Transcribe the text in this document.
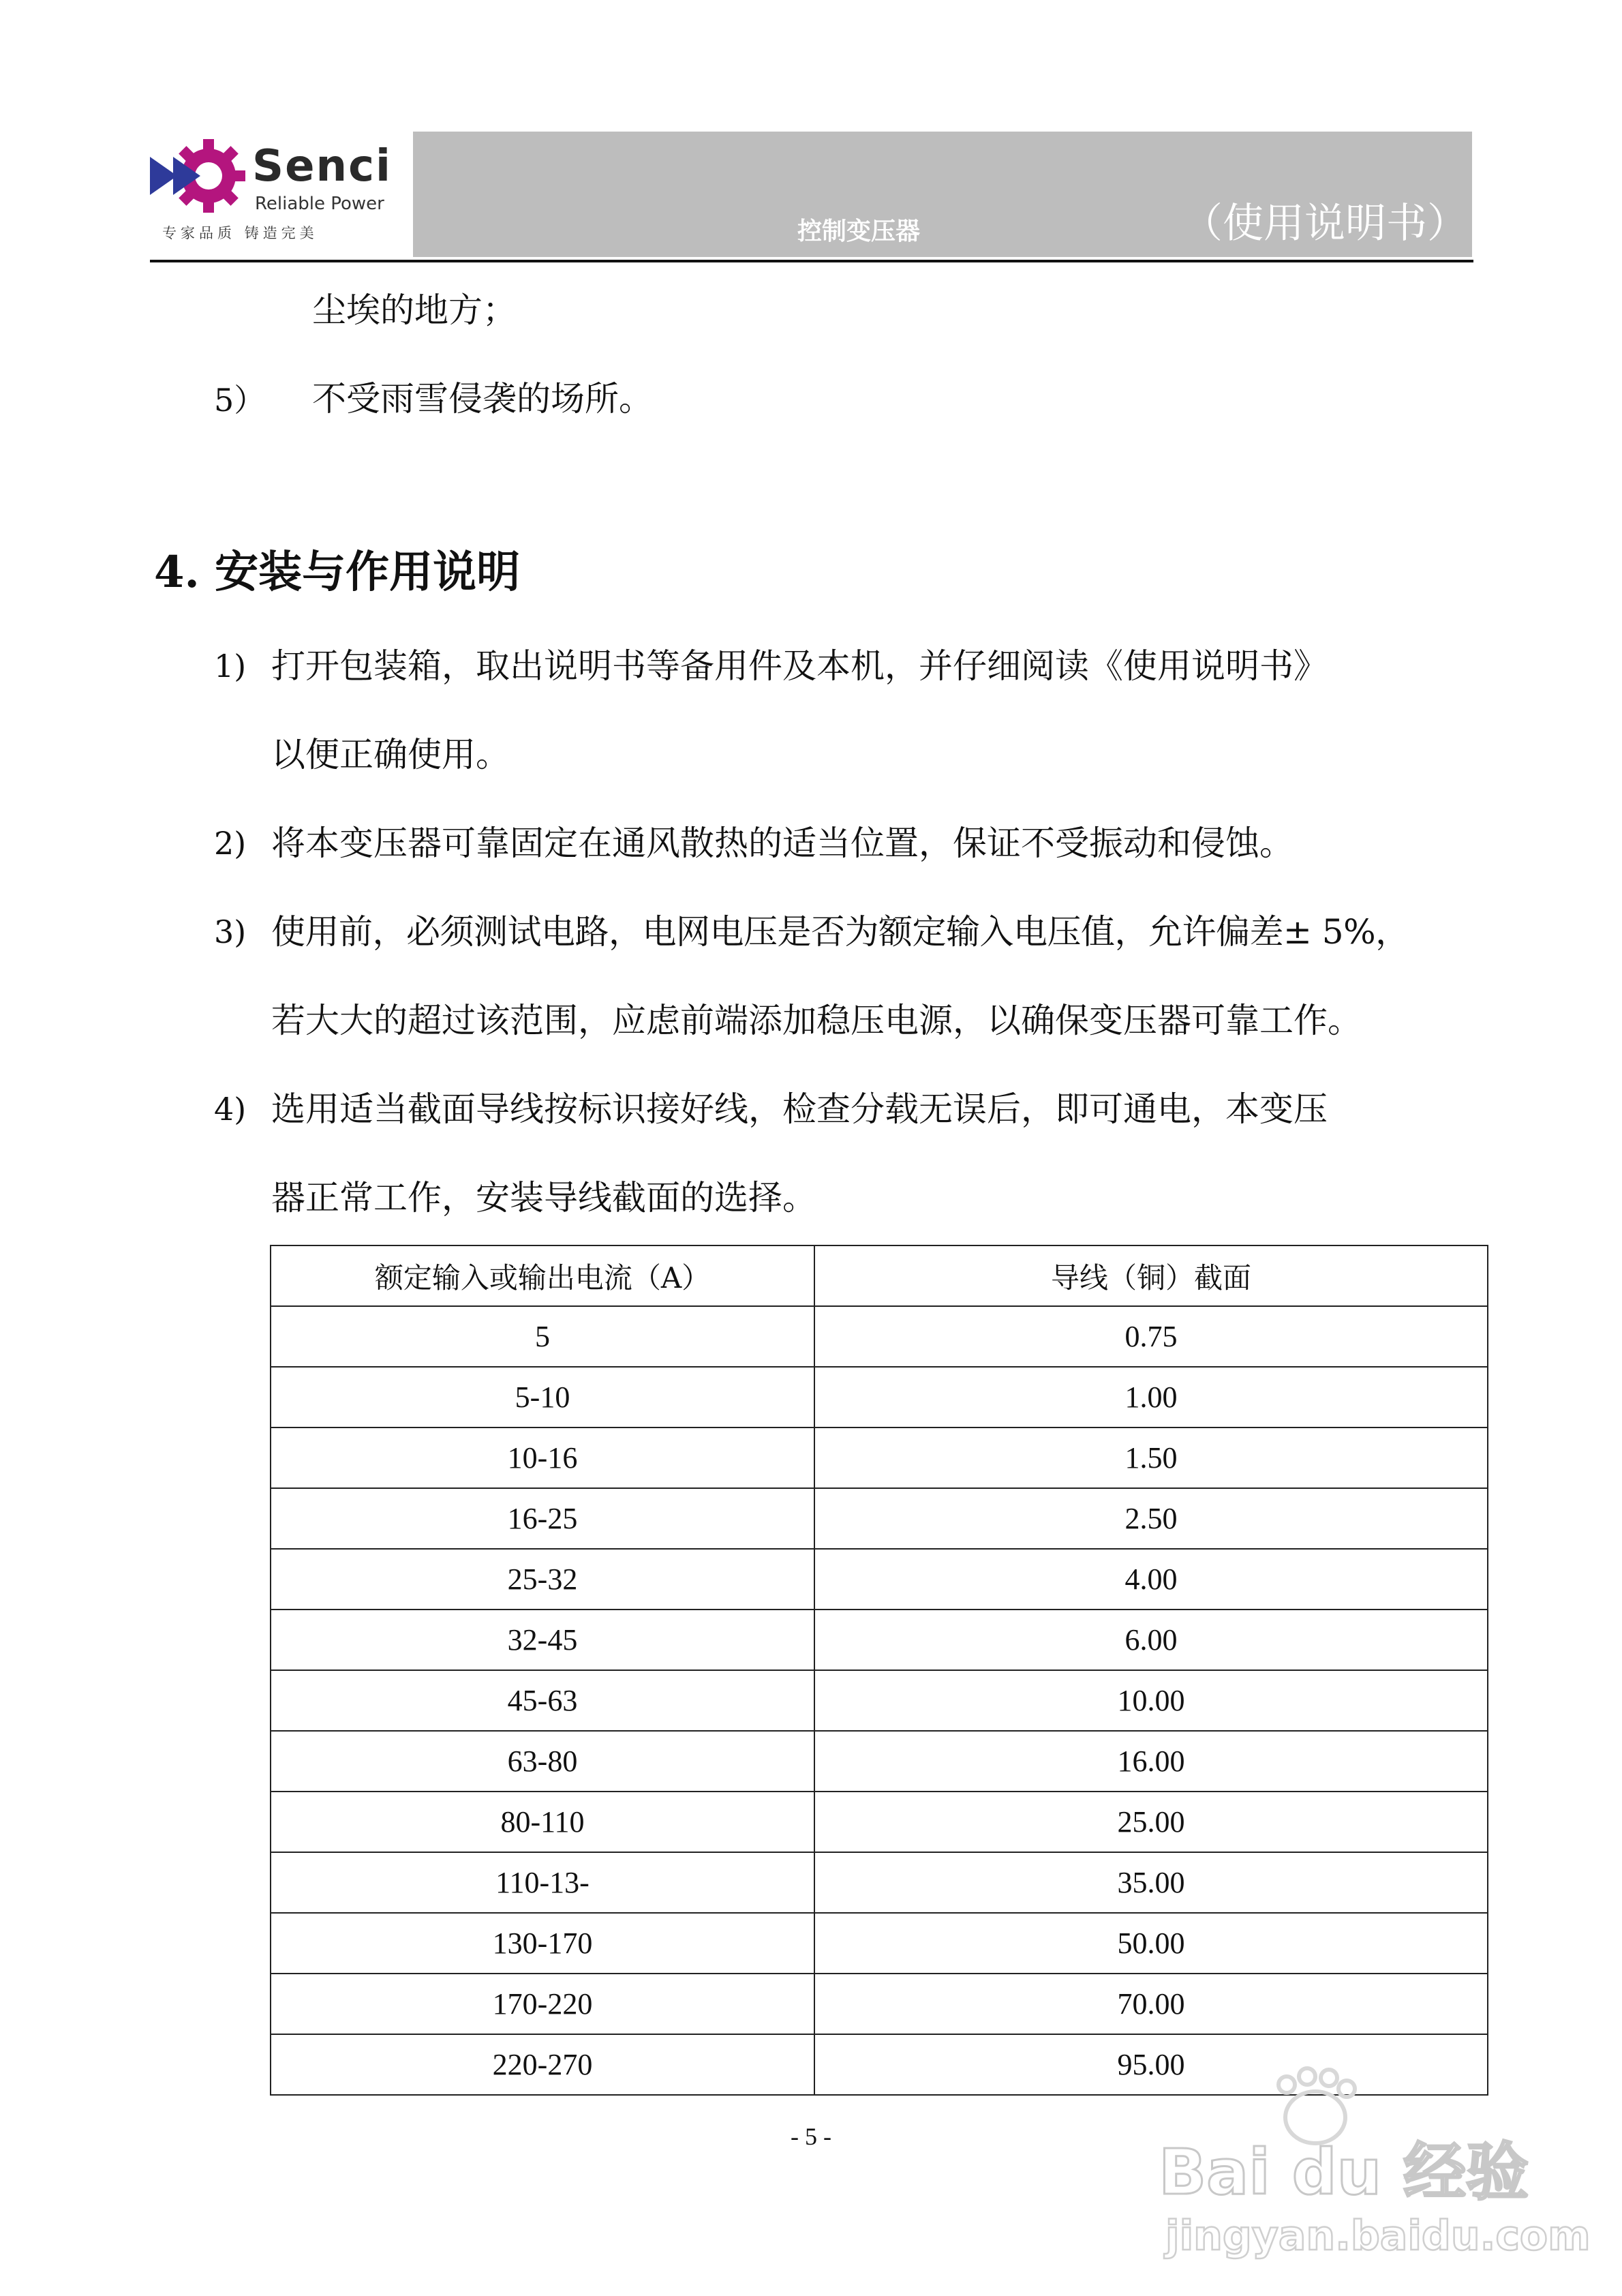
Senci
Reliable Power
专家品质 铸造完美	控制变压器	（使用说明书）
尘埃的地方；
5） 不受雨雪侵袭的场所。
4. 安装与作用说明
1) 打开包装箱，取出说明书等备用件及本机，并仔细阅读《使用说明书》
以便正确使用。
2) 将本变压器可靠固定在通风散热的适当位置，保证不受振动和侵蚀。
3) 使用前，必须测试电路，电网电压是否为额定输入电压值，允许偏差± 5%，
若大大的超过该范围，应虑前端添加稳压电源，以确保变压器可靠工作。
4) 选用适当截面导线按标识接好线，检查分载无误后，即可通电，本变压
器正常工作，安装导线截面的选择。
额定输入或输出电流（A）	导线（铜）截面
5	0.75
5-10	1.00
10-16	1.50
16-25	2.50
25-32	4.00
32-45	6.00
45-63	10.00
63-80	16.00
80-110	25.00
110-13-	35.00
130-170	50.00
170-220	70.00
220-270	95.00
- 5 -	Bai du 经验
jingyan.baidu.com
